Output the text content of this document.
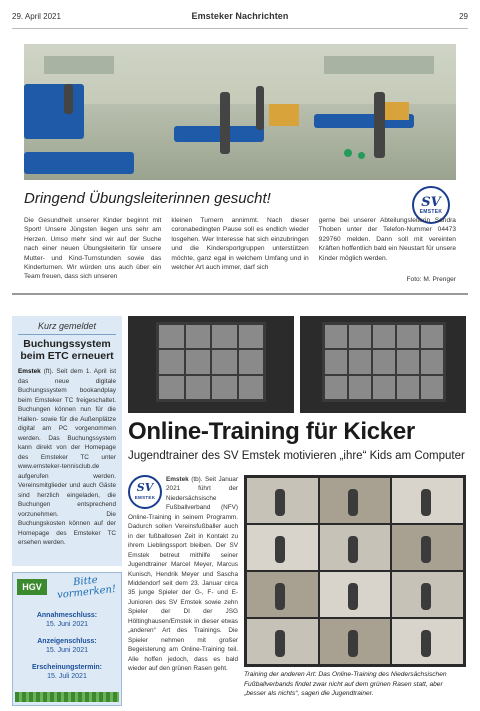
29. April 2021	Emsteker Nachrichten	29
Dringend Übungsleiterinnen gesucht!	SV
EMSTEK

Die Gesundheit unserer Kinder beginnt mit Sport! Unsere Jüngsten liegen uns sehr am Herzen. Umso mehr sind wir auf der Suche nach einer neuen Übungsleiterin für unsere Mutter- und Kind-Turnstunden sowie das Kinderturnen. Wir würden uns auch über ein Team freuen, dass sich unseren

kleinen Turnern annimmt. Nach dieser coronabedingten Pause soll es endlich wieder losgehen. Wer Interesse hat sich einzubringen und die Kindersportgruppen unterstützen möchte, ganz egal in welchem Umfang und in welcher Art auch immer, darf sich

gerne bei unserer Abteilungsleiterin Sandra Thoben unter der Telefon-Nummer 04473 929760 melden. Dann soll mit vereinten Kräften hoffentlich bald ein Neustart für unsere Kinder möglich werden.

Foto: M. Prenger
Kurz gemeldet
Buchungssystem beim ETC erneuert
Emstek (ft). Seit dem 1. April ist das neue digitale Buchungssystem bookandplay beim Emsteker TC freigeschaltet. Buchungen können nun für die Hallen- sowie für die Außenplätze digital am PC vorgenommen werden. Das Buchungssystem kann direkt von der Homepage des Emsteker TC unter www.emsteker-tennisclub.de aufgerufen werden. Vereinsmitglieder und auch Gäste sind herzlich eingeladen, die Buchungen entsprechend vorzunehmen. Die Buchungskosten können auf der Homepage des Emsteker TC ersehen werden.
HGV	Bitte vormerken!
Annahmeschluss:
15. Juni 2021
Anzeigenschluss:
15. Juni 2021
Erscheinungstermin:
15. Juli 2021
Online-Training für Kicker
Jugendtrainer des SV Emstek motivieren „ihre“ Kids am Computer
SV
EMSTEK
Emstek (tb). Seit Januar 2021 führt der Niedersächsische Fußballverband (NFV) Online-Training in seinem Programm. Dadurch sollen Vereinsfußballer auch in der fußballosen Zeit in Kontakt zu ihrem Lieblingssport bleiben. Der SV Emstek betreut mithilfe seiner Jugendtrainer Marcel Meyer, Marcus Kunisch, Hendrik Meyer und Sascha Middendorf seit dem 23. Januar circa 35 junge Spieler der G-, F- und E-Junioren des SV Emstek sowie zehn Spieler der DI der JSG Höltinghausen/Emstek in dieser etwas „anderen“ Art des Trainings. Die Spieler nehmen mit großer Begeisterung am Online-Training teil. Alle hoffen jedoch, dass es bald wieder auf den grünen Rasen geht.
Training der anderen Art: Das Online-Training des Niedersächsischen Fußballverbands findet zwar nicht auf dem grünen Rasen statt, aber „besser als nichts“, sagen die Jugendtrainer.
